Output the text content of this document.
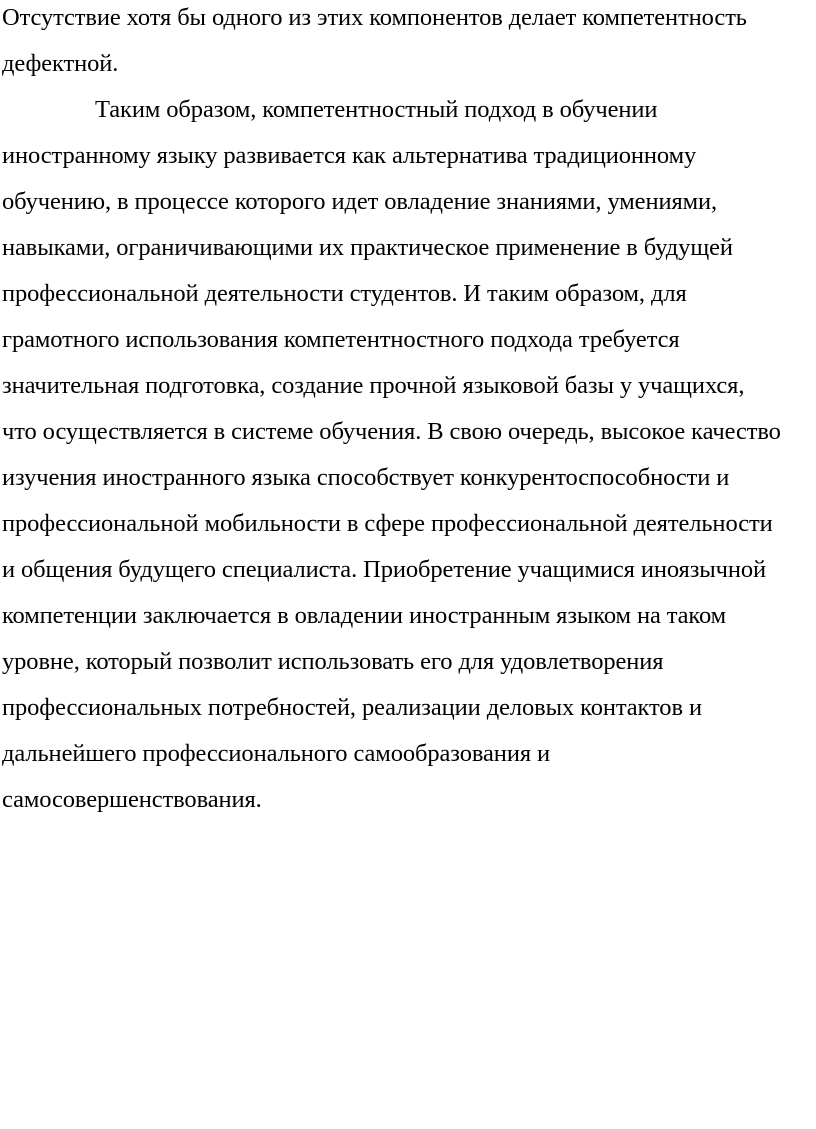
Отсутствие хотя бы одного из этих компонентов делает компетентность
дефектной.
Таким образом, компетентностный подход в обучении
иностранному языку развивается как альтернатива традиционному
обучению, в процессе которого идет овладение знаниями, умениями,
навыками, ограничивающими их практическое применение в будущей
профессиональной деятельности студентов. И таким образом, для
грамотного использования компетентностного подхода требуется
значительная подготовка, создание прочной языковой базы у учащихся,
что осуществляется в системе обучения. В свою очередь, высокое качество
изучения иностранного языка способствует конкурентоспособности и
профессиональной мобильности в сфере профессиональной деятельности
и общения будущего специалиста. Приобретение учащимися иноязычной
компетенции заключается в овладении иностранным языком на таком
уровне, который позволит использовать его для удовлетворения
профессиональных потребностей, реализации деловых контактов и
дальнейшего профессионального самообразования и
самосовершенствования.
